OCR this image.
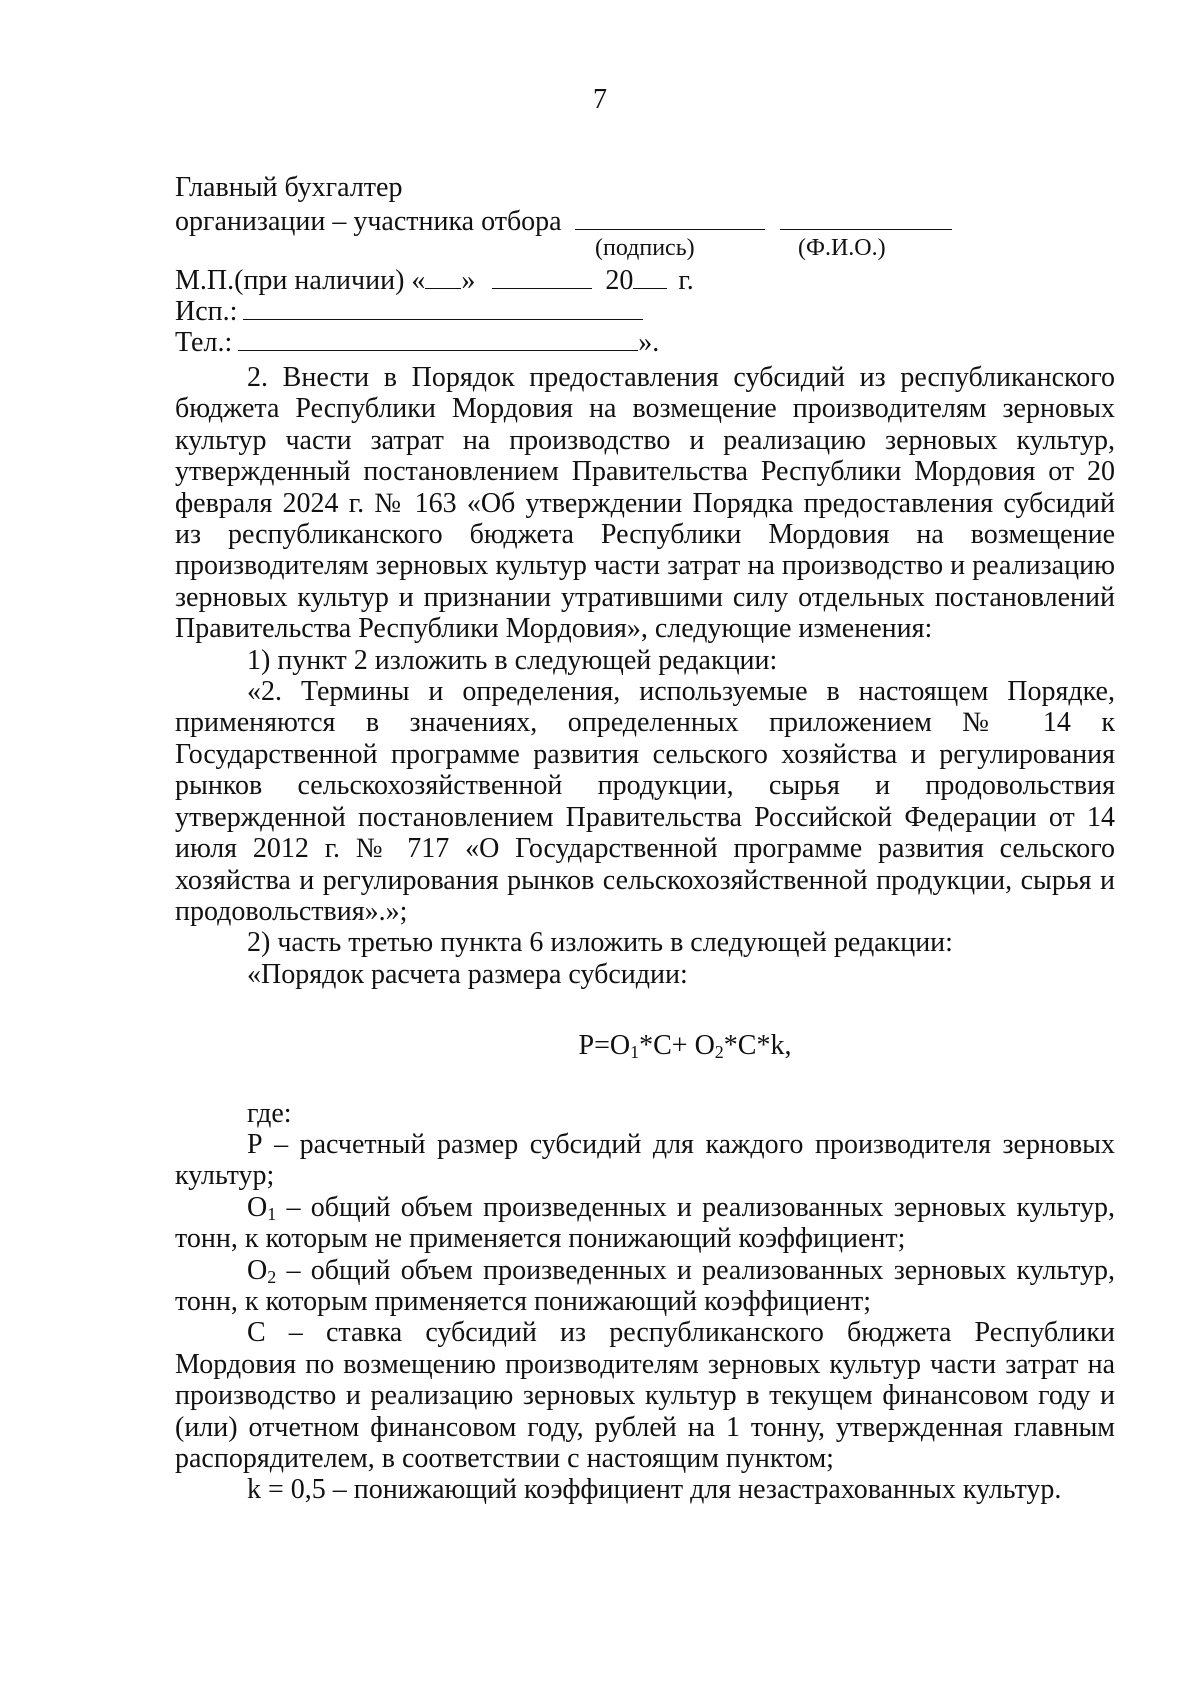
7
Главный бухгалтер
организации – участника отбора
(подпись)	(Ф.И.О.)
М.П.(при наличии) « »	20 г.
Исп.:
Тел.:	».

2. Внести в Порядок предоставления субсидий из республиканского бюджета Республики Мордовия на возмещение производителям зерновых культур части затрат на производство и реализацию зерновых культур, утвержденный постановлением Правительства Республики Мордовия от 20 февраля 2024 г. № 163 «Об утверждении Порядка предоставления субсидий из республиканского бюджета Республики Мордовия на возмещение производителям зерновых культур части затрат на производство и реализацию зерновых культур и признании утратившими силу отдельных постановлений Правительства Республики Мордовия», следующие изменения:

1) пункт 2 изложить в следующей редакции:

«2. Термины и определения, используемые в настоящем Порядке, применяются в значениях, определенных приложением № 14 к Государственной программе развития сельского хозяйства и регулирования рынков сельскохозяйственной продукции, сырья и продовольствия утвержденной постановлением Правительства Российской Федерации от 14 июля 2012 г. № 717 «О Государственной программе развития сельского хозяйства и регулирования рынков сельскохозяйственной продукции, сырья и продовольствия».»;

2) часть третью пункта 6 изложить в следующей редакции:

«Порядок расчета размера субсидии:

$Р=О_1*С+ О_2*С*k$,

где:

Р – расчетный размер субсидий для каждого производителя зерновых культур;

$О_1$ – общий объем произведенных и реализованных зерновых культур, тонн, к которым не применяется понижающий коэффициент;

$О_2$ – общий объем произведенных и реализованных зерновых культур, тонн, к которым применяется понижающий коэффициент;

С – ставка субсидий из республиканского бюджета Республики Мордовия по возмещению производителям зерновых культур части затрат на производство и реализацию зерновых культур в текущем финансовом году и (или) отчетном финансовом году, рублей на 1 тонну, утвержденная главным распорядителем, в соответствии с настоящим пунктом;

k = 0,5 – понижающий коэффициент для незастрахованных культур.
